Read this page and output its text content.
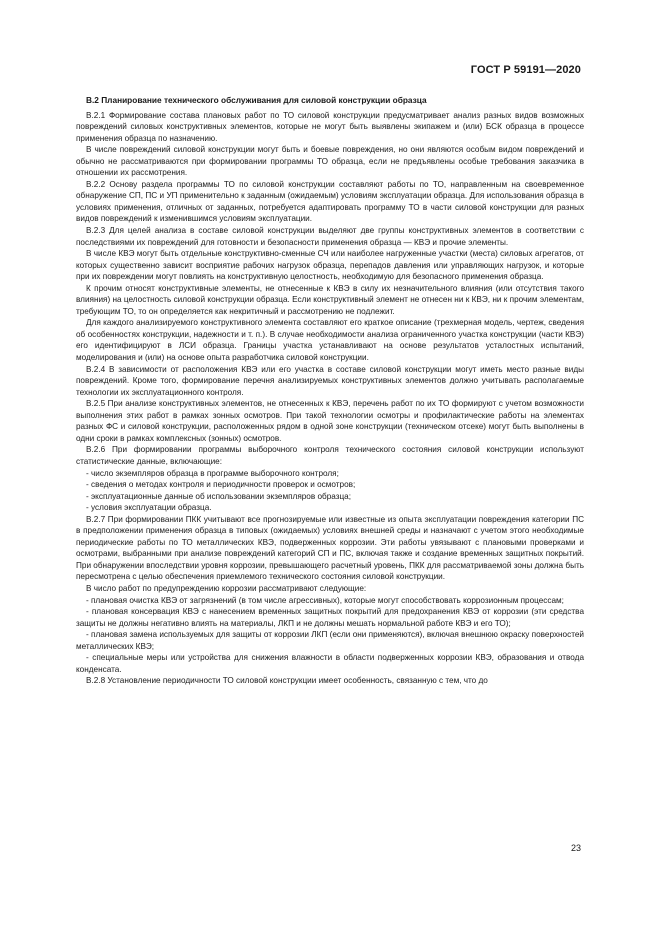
ГОСТ Р 59191—2020
В.2 Планирование технического обслуживания для силовой конструкции образца

В.2.1 Формирование состава плановых работ по ТО силовой конструкции предусматривает анализ разных видов возможных повреждений силовых конструктивных элементов, которые не могут быть выявлены экипажем и (или) БСК образца в процессе применения образца по назначению.

В числе повреждений силовой конструкции могут быть и боевые повреждения, но они являются особым видом повреждений и обычно не рассматриваются при формировании программы ТО образца, если не предъявлены особые требования заказчика в отношении их рассмотрения.

В.2.2 Основу раздела программы ТО по силовой конструкции составляют работы по ТО, направленным на своевременное обнаружение СП, ПС и УП применительно к заданным (ожидаемым) условиям эксплуатации образца. Для использования образца в условиях применения, отличных от заданных, потребуется адаптировать программу ТО в части силовой конструкции для разных видов повреждений к изменившимся условиям эксплуатации.

В.2.3 Для целей анализа в составе силовой конструкции выделяют две группы конструктивных элементов в соответствии с последствиями их повреждений для готовности и безопасности применения образца — КВЭ и прочие элементы.

В числе КВЭ могут быть отдельные конструктивно-сменные СЧ или наиболее нагруженные участки (места) силовых агрегатов, от которых существенно зависит восприятие рабочих нагрузок образца, перепадов давления или управляющих нагрузок, и которые при их повреждении могут повлиять на конструктивную целостность, необходимую для безопасного применения образца.

К прочим относят конструктивные элементы, не отнесенные к КВЭ в силу их незначительного влияния (или отсутствия такого влияния) на целостность силовой конструкции образца. Если конструктивный элемент не отнесен ни к КВЭ, ни к прочим элементам, требующим ТО, то он определяется как некритичный и рассмотрению не подлежит.

Для каждого анализируемого конструктивного элемента составляют его краткое описание (трехмерная модель, чертеж, сведения об особенностях конструкции, надежности и т. п.). В случае необходимости анализа ограниченного участка конструкции (части КВЭ) его идентифицируют в ЛСИ образца. Границы участка устанавливают на основе результатов усталостных испытаний, моделирования и (или) на основе опыта разработчика силовой конструкции.

В.2.4 В зависимости от расположения КВЭ или его участка в составе силовой конструкции могут иметь место разные виды повреждений. Кроме того, формирование перечня анализируемых конструктивных элементов должно учитывать располагаемые технологии их эксплуатационного контроля.

В.2.5 При анализе конструктивных элементов, не отнесенных к КВЭ, перечень работ по их ТО формируют с учетом возможности выполнения этих работ в рамках зонных осмотров. При такой технологии осмотры и профилактические работы на элементах разных ФС и силовой конструкции, расположенных рядом в одной зоне конструкции (техническом отсеке) могут быть выполнены в одни сроки в рамках комплексных (зонных) осмотров.

В.2.6 При формировании программы выборочного контроля технического состояния силовой конструкции используют статистические данные, включающие:

- число экземпляров образца в программе выборочного контроля;

- сведения о методах контроля и периодичности проверок и осмотров;

- эксплуатационные данные об использовании экземпляров образца;

- условия эксплуатации образца.

В.2.7 При формировании ПКК учитывают все прогнозируемые или известные из опыта эксплуатации повреждения категории ПС в предположении применения образца в типовых (ожидаемых) условиях внешней среды и назначают с учетом этого необходимые периодические работы по ТО металлических КВЭ, подверженных коррозии. Эти работы увязывают с плановыми проверками и осмотрами, выбранными при анализе повреждений категорий СП и ПС, включая также и создание временных защитных покрытий. При обнаружении впоследствии уровня коррозии, превышающего расчетный уровень, ПКК для рассматриваемой зоны должна быть пересмотрена с целью обеспечения приемлемого технического состояния силовой конструкции.

В число работ по предупреждению коррозии рассматривают следующие:

- плановая очистка КВЭ от загрязнений (в том числе агрессивных), которые могут способствовать коррозионным процессам;

- плановая консервация КВЭ с нанесением временных защитных покрытий для предохранения КВЭ от коррозии (эти средства защиты не должны негативно влиять на материалы, ЛКП и не должны мешать нормальной работе КВЭ и его ТО);

- плановая замена используемых для защиты от коррозии ЛКП (если они применяются), включая внешнюю окраску поверхностей металлических КВЭ;

- специальные меры или устройства для снижения влажности в области подверженных коррозии КВЭ, образования и отвода конденсата.

В.2.8 Установление периодичности ТО силовой конструкции имеет особенность, связанную с тем, что до

23
